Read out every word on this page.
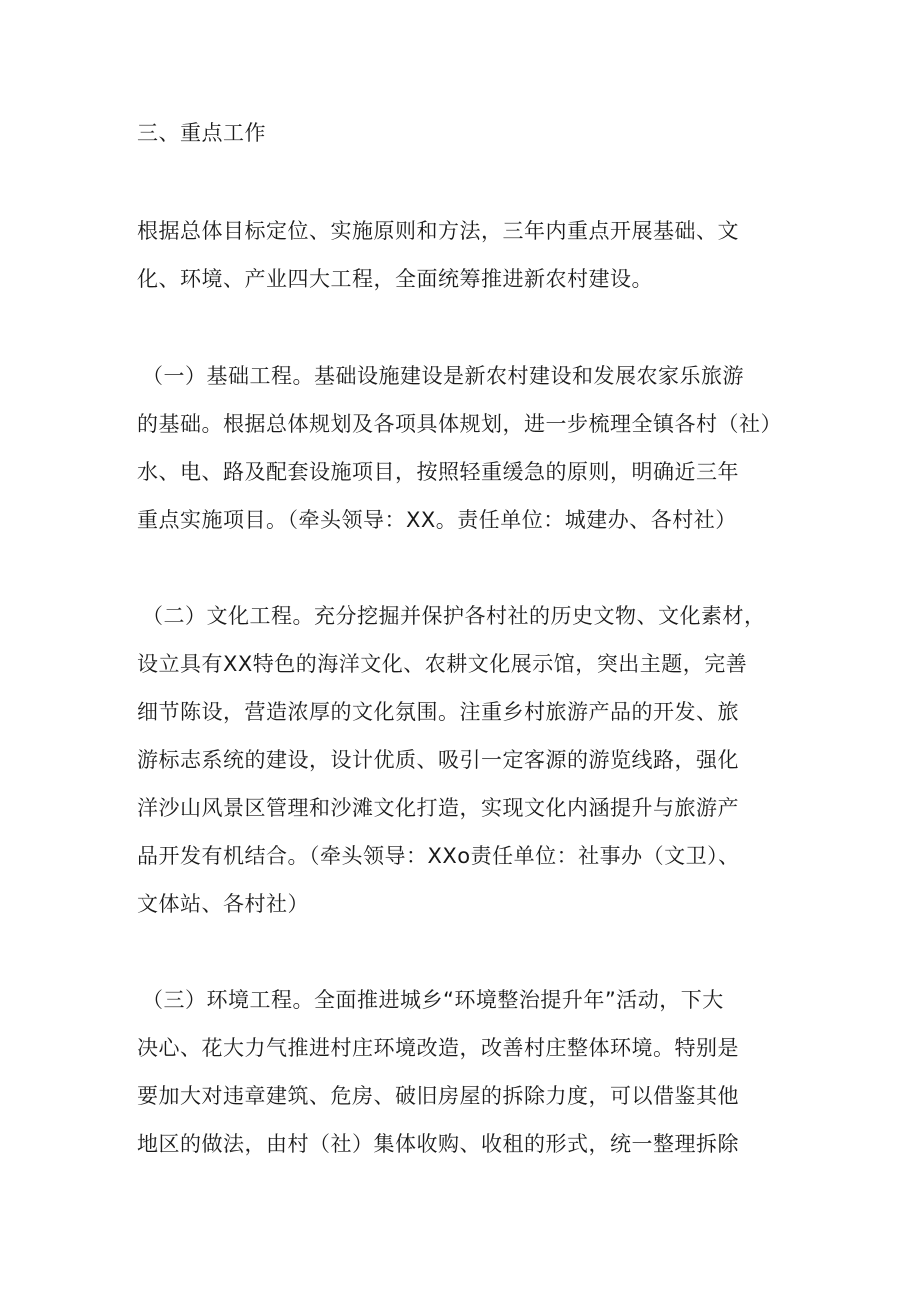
三、重点工作
根据总体目标定位、实施原则和方法，三年内重点开展基础、文
化、环境、产业四大工程，全面统筹推进新农村建设。
（一）基础工程。基础设施建设是新农村建设和发展农家乐旅游
的基础。根据总体规划及各项具体规划，进一步梳理全镇各村（社）
水、电、路及配套设施项目，按照轻重缓急的原则，明确近三年
重点实施项目。（牵头领导：XX。责任单位：城建办、各村社）
（二）文化工程。充分挖掘并保护各村社的历史文物、文化素材，
设立具有XX特色的海洋文化、农耕文化展示馆，突出主题，完善
细节陈设，营造浓厚的文化氛围。注重乡村旅游产品的开发、旅
游标志系统的建设，设计优质、吸引一定客源的游览线路，强化
洋沙山风景区管理和沙滩文化打造，实现文化内涵提升与旅游产
品开发有机结合。（牵头领导：XXo责任单位：社事办（文卫）、
文体站、各村社）
（三）环境工程。全面推进城乡“环境整治提升年”活动，下大
决心、花大力气推进村庄环境改造，改善村庄整体环境。特别是
要加大对违章建筑、危房、破旧房屋的拆除力度，可以借鉴其他
地区的做法，由村（社）集体收购、收租的形式，统一整理拆除
